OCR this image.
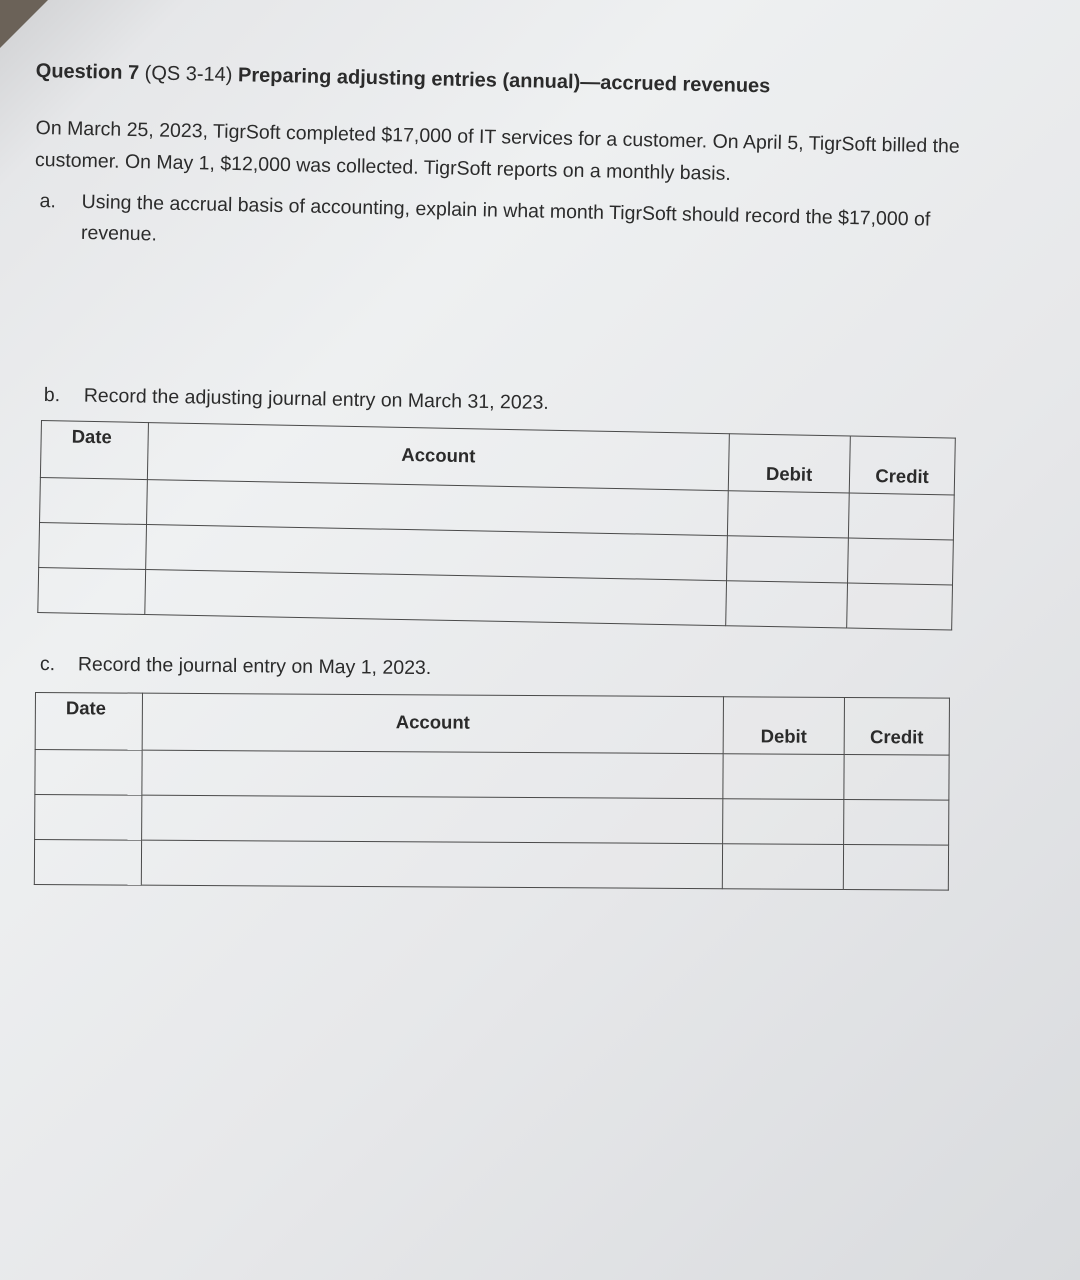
Question 7 (QS 3-14) Preparing adjusting entries (annual)—accrued revenues
On March 25, 2023, TigrSoft completed $17,000 of IT services for a customer. On April 5, TigrSoft billed the customer. On May 1, $12,000 was collected. TigrSoft reports on a monthly basis.
a.	Using the accrual basis of accounting, explain in what month TigrSoft should record the $17,000 of revenue.
b. Record the adjusting journal entry on March 31, 2023.
Date	Account	Debit	Credit

c. Record the journal entry on May 1, 2023.
Date	Account	Debit	Credit
